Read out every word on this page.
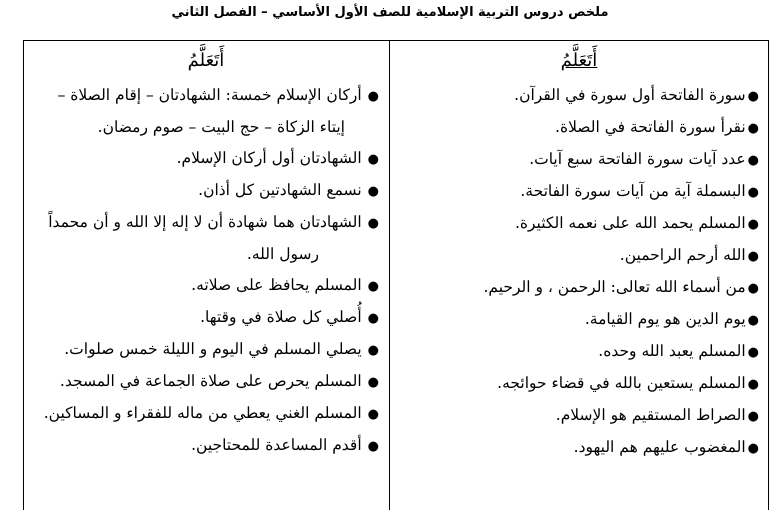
ملخص دروس التربية الإسلامية للصف الأول الأساسي – الفصل الثاني
أَتَعَلَّمُ
●سورة الفاتحة أول سورة في القرآن.
●نقرأ سورة الفاتحة في الصلاة.
●عدد آيات سورة الفاتحة سبع آيات.
●البسملة آية من آيات سورة الفاتحة.
●المسلم يحمد الله على نعمه الكثيرة.
●الله أرحم الراحمين.
●من أسماء الله تعالى: الرحمن ، و الرحيم.
●يوم الدين هو يوم القيامة.
●المسلم يعبد الله وحده.
●المسلم يستعين بالله في قضاء حوائجه.
●الصراط المستقيم هو الإسلام.
●المغضوب عليهم هم اليهود.
أَتَعَلَّمُ
●أركان الإسلام خمسة: الشهادتان – إقام الصلاة –
إيتاء الزكاة – حج البيت – صوم رمضان.
●الشهادتان أول أركان الإسلام.
●نسمع الشهادتين كل أذان.
●الشهادتان هما شهادة أن لا إله إلا الله و أن محمداً
رسول الله.
●المسلم يحافظ على صلاته.
●أُصلي كل صلاة في وقتها.
●يصلي المسلم في اليوم و الليلة خمس صلوات.
●المسلم يحرص على صلاة الجماعة في المسجد.
●المسلم الغني يعطي من ماله للفقراء و المساكين.
●أقدم المساعدة للمحتاجين.
